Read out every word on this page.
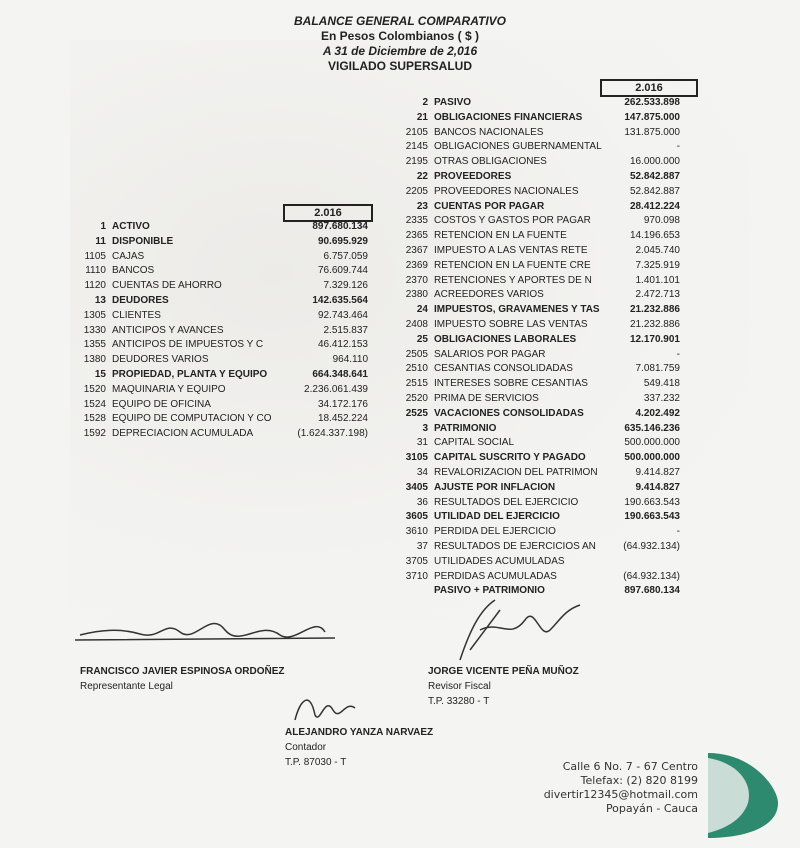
BALANCE GENERAL COMPARATIVO
En Pesos Colombianos ( $ )
A 31 de Diciembre de 2,016
VIGILADO SUPERSALUD
2.016
2.016
1 ACTIVO	897.680.134
11 DISPONIBLE	90.695.929
1105 CAJAS	6.757.059
1110 BANCOS	76.609.744
1120 CUENTAS DE AHORRO	7.329.126
13 DEUDORES	142.635.564
1305 CLIENTES	92.743.464
1330 ANTICIPOS Y AVANCES	2.515.837
1355 ANTICIPOS DE IMPUESTOS Y C	46.412.153
1380 DEUDORES VARIOS	964.110
15 PROPIEDAD, PLANTA Y EQUIPO	664.348.641
1520 MAQUINARIA Y EQUIPO	2.236.061.439
1524 EQUIPO DE OFICINA	34.172.176
1528 EQUIPO DE COMPUTACION Y CO	18.452.224
1592 DEPRECIACION ACUMULADA	(1.624.337.198)
2 PASIVO	262.533.898
21 OBLIGACIONES FINANCIERAS	147.875.000
2105 BANCOS NACIONALES	131.875.000
2145 OBLIGACIONES GUBERNAMENTAL	-
2195 OTRAS OBLIGACIONES	16.000.000
22 PROVEEDORES	52.842.887
2205 PROVEEDORES NACIONALES	52.842.887
23 CUENTAS POR PAGAR	28.412.224
2335 COSTOS Y GASTOS POR PAGAR	970.098
2365 RETENCION EN LA FUENTE	14.196.653
2367 IMPUESTO A LAS VENTAS RETE	2.045.740
2369 RETENCION EN LA FUENTE CRE	7.325.919
2370 RETENCIONES Y APORTES DE N	1.401.101
2380 ACREEDORES VARIOS	2.472.713
24 IMPUESTOS, GRAVAMENES Y TAS	21.232.886
2408 IMPUESTO SOBRE LAS VENTAS	21.232.886
25 OBLIGACIONES LABORALES	12.170.901
2505 SALARIOS POR PAGAR	-
2510 CESANTIAS CONSOLIDADAS	7.081.759
2515 INTERESES SOBRE CESANTIAS	549.418
2520 PRIMA DE SERVICIOS	337.232
2525 VACACIONES CONSOLIDADAS	4.202.492
3 PATRIMONIO	635.146.236
31 CAPITAL SOCIAL	500.000.000
3105 CAPITAL SUSCRITO Y PAGADO	500.000.000
34 REVALORIZACION DEL PATRIMON	9.414.827
3405 AJUSTE POR INFLACION	9.414.827
36 RESULTADOS DEL EJERCICIO	190.663.543
3605 UTILIDAD DEL EJERCICIO	190.663.543
3610 PERDIDA DEL EJERCICIO	-
37 RESULTADOS DE EJERCICIOS AN	(64.932.134)
3705 UTILIDADES ACUMULADAS
3710 PERDIDAS ACUMULADAS	(64.932.134)
PASIVO + PATRIMONIO	897.680.134
FRANCISCO JAVIER ESPINOSA ORDOÑEZ
Representante Legal
JORGE VICENTE PEÑA MUÑOZ
Revisor Fiscal
T.P. 33280 - T
ALEJANDRO YANZA NARVAEZ
Contador
T.P. 87030 - T	Calle 6 No. 7 - 67 Centro
Telefax: (2) 820 8199
divertir12345@hotmail.com
Popayán - Cauca
